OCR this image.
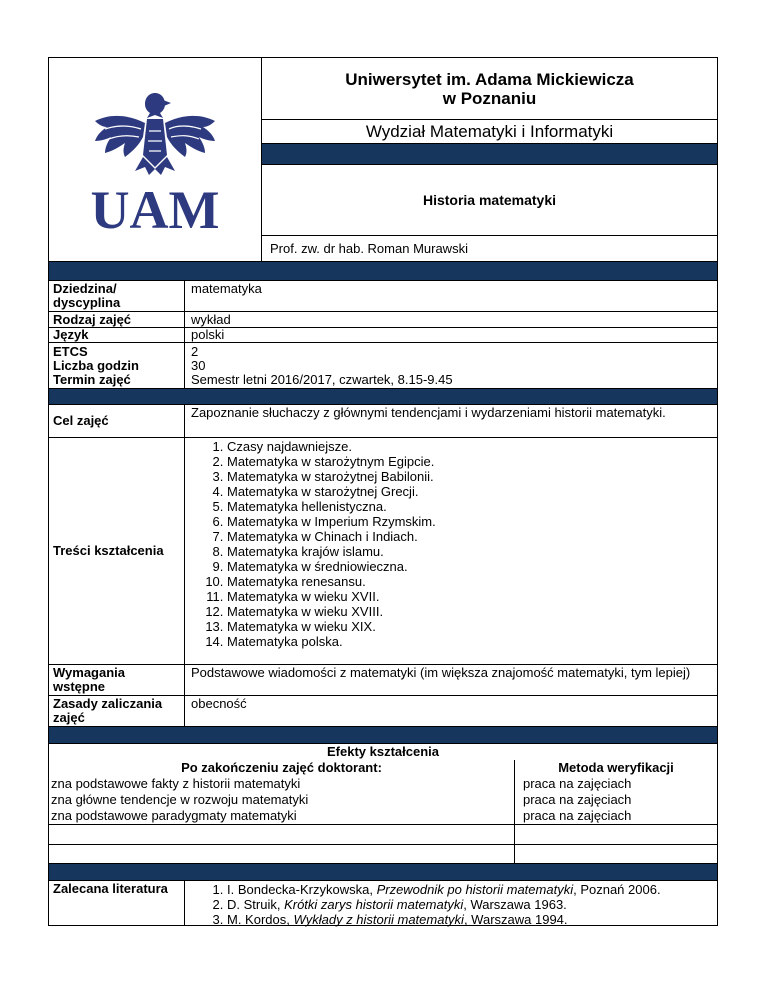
UAM
Uniwersytet im. Adama Mickiewicza
w Poznaniu
Wydział Matematyki i Informatyki
Historia matematyki
Prof. zw. dr hab. Roman Murawski
Dziedzina/ dyscyplina
matematyka
Rodzaj zajęć
Język
wykład
polski
ETCS
Liczba godzin
Termin zajęć
2
30
Semestr letni 2016/2017, czwartek, 8.15-9.45
Cel zajęć
Zapoznanie słuchaczy z głównymi tendencjami i wydarzeniami historii matematyki.
Treści kształcenia
1. Czasy najdawniejsze.
2. Matematyka w starożytnym Egipcie.
3. Matematyka w starożytnej Babilonii.
4. Matematyka w starożytnej Grecji.
5. Matematyka hellenistyczna.
6. Matematyka w Imperium Rzymskim.
7. Matematyka w Chinach i Indiach.
8. Matematyka krajów islamu.
9. Matematyka w średniowieczna.
10. Matematyka renesansu.
11. Matematyka w wieku XVII.
12. Matematyka w wieku XVIII.
13. Matematyka w wieku XIX.
14. Matematyka polska.
Wymagania wstępne
Podstawowe wiadomości z matematyki (im większa znajomość matematyki, tym lepiej)
Zasady zaliczania zajęć
obecność
Efekty kształcenia
Po zakończeniu zajęć doktorant:
zna podstawowe fakty z historii matematyki
zna główne tendencje w rozwoju matematyki
zna podstawowe paradygmaty matematyki
Metoda weryfikacji
praca na zajęciach
praca na zajęciach
praca na zajęciach
Zalecana literatura	1. I. Bondecka-Krzykowska, Przewodnik po historii matematyki, Poznań 2006.
2. D. Struik, Krótki zarys historii matematyki, Warszawa 1963.
3. M. Kordos, Wykłady z historii matematyki, Warszawa 1994.
